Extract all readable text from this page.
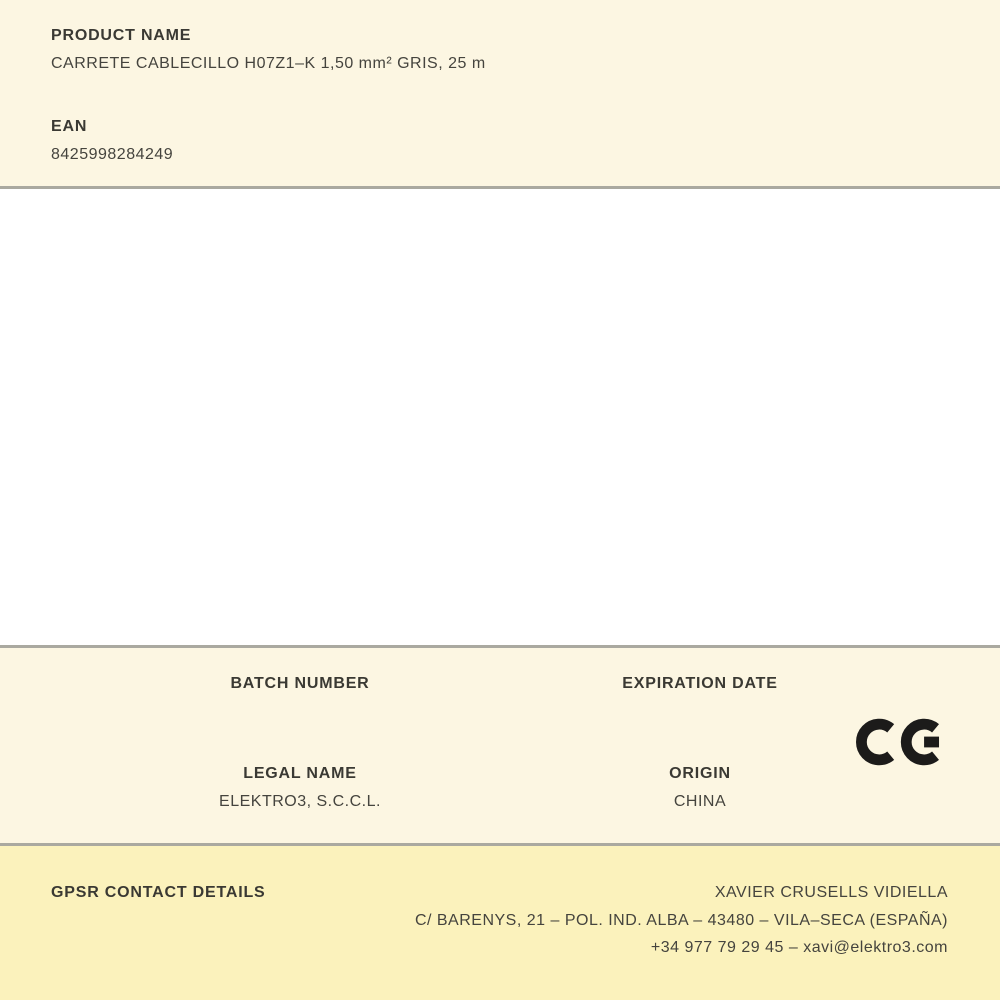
PRODUCT NAME
CARRETE CABLECILLO H07Z1–K 1,50 mm² GRIS, 25 m
EAN
8425998284249
BATCH NUMBER	EXPIRATION DATE
LEGAL NAME
ELEKTRO3, S.C.C.L.
ORIGIN
CHINA
GPSR CONTACT DETAILS	XAVIER CRUSELLS VIDIELLA
C/ BARENYS, 21 – POL. IND. ALBA – 43480 – VILA–SECA (ESPAÑA)
+34 977 79 29 45 – xavi@elektro3.com
